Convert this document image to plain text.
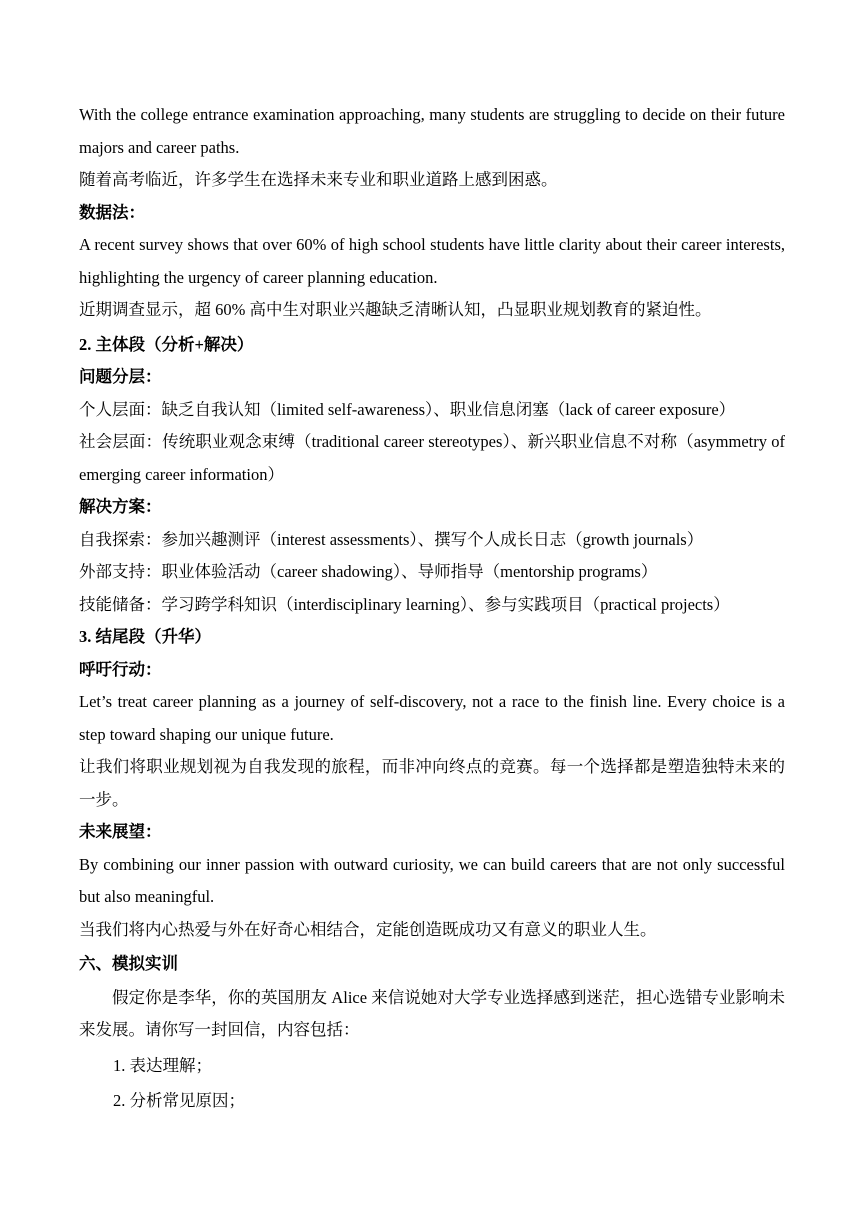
With the college entrance examination approaching, many students are struggling to decide on their future majors and career paths.

随着高考临近，许多学生在选择未来专业和职业道路上感到困惑。

数据法：

A recent survey shows that over 60% of high school students have little clarity about their career interests, highlighting the urgency of career planning education.

近期调查显示，超 60% 高中生对职业兴趣缺乏清晰认知，凸显职业规划教育的紧迫性。

2. 主体段（分析+解决）

问题分层：

个人层面：缺乏自我认知（limited self-awareness）、职业信息闭塞（lack of career exposure）

社会层面：传统职业观念束缚（traditional career stereotypes）、新兴职业信息不对称（asymmetry of emerging career information）

解决方案：

自我探索：参加兴趣测评（interest assessments）、撰写个人成长日志（growth journals）

外部支持：职业体验活动（career shadowing）、导师指导（mentorship programs）

技能储备：学习跨学科知识（interdisciplinary learning）、参与实践项目（practical projects）

3. 结尾段（升华）

呼吁行动：

Let’s treat career planning as a journey of self-discovery, not a race to the finish line. Every choice is a step toward shaping our unique future.

让我们将职业规划视为自我发现的旅程，而非冲向终点的竞赛。每一个选择都是塑造独特未来的一步。

未来展望：

By combining our inner passion with outward curiosity, we can build careers that are not only successful but also meaningful.

当我们将内心热爱与外在好奇心相结合，定能创造既成功又有意义的职业人生。

六、模拟实训

假定你是李华，你的英国朋友 Alice 来信说她对大学专业选择感到迷茫，担心选错专业影响未来发展。请你写一封回信，内容包括：

1. 表达理解；

2. 分析常见原因；
